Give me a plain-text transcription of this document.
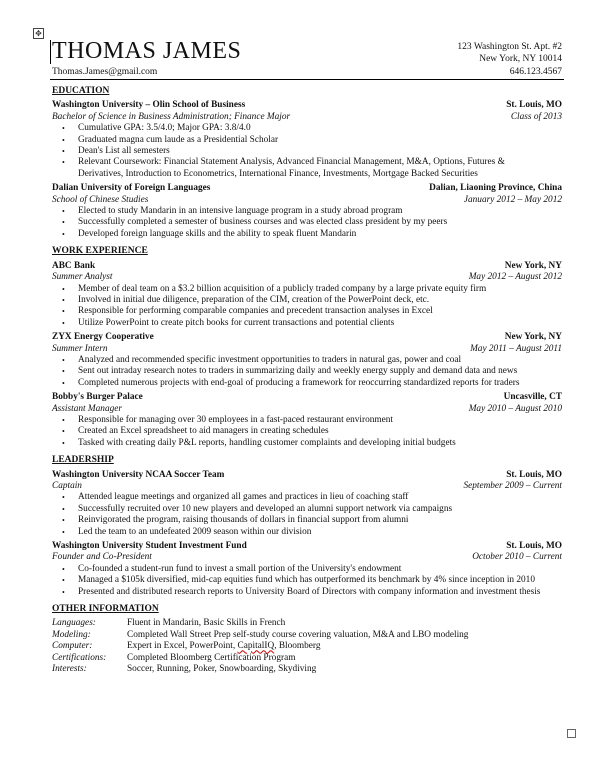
✥
THOMAS JAMES	123 Washington St. Apt. #2
New York, NY 10014
Thomas.James@gmail.com	646.123.4567
EDUCATION
Washington University – Olin School of Business	St. Louis, MO
Bachelor of Science in Business Administration; Finance Major	Class of 2013
• Cumulative GPA: 3.5/4.0; Major GPA: 3.8/4.0
• Graduated magna cum laude as a Presidential Scholar
• Dean's List all semesters
• Relevant Coursework: Financial Statement Analysis, Advanced Financial Management, M&A, Options, Futures &
Derivatives, Introduction to Econometrics, International Finance, Investments, Mortgage Backed Securities
Dalian University of Foreign Languages	Dalian, Liaoning Province, China
School of Chinese Studies	January 2012 – May 2012
• Elected to study Mandarin in an intensive language program in a study abroad program
• Successfully completed a semester of business courses and was elected class president by my peers
• Developed foreign language skills and the ability to speak fluent Mandarin
WORK EXPERIENCE
ABC Bank	New York, NY
Summer Analyst	May 2012 – August 2012
• Member of deal team on a $3.2 billion acquisition of a publicly traded company by a large private equity firm
• Involved in initial due diligence, preparation of the CIM, creation of the PowerPoint deck, etc.
• Responsible for performing comparable companies and precedent transaction analyses in Excel
• Utilize PowerPoint to create pitch books for current transactions and potential clients
ZYX Energy Cooperative	New York, NY
Summer Intern	May 2011 – August 2011
• Analyzed and recommended specific investment opportunities to traders in natural gas, power and coal
• Sent out intraday research notes to traders in summarizing daily and weekly energy supply and demand data and news
• Completed numerous projects with end-goal of producing a framework for reoccurring standardized reports for traders
Bobby's Burger Palace	Uncasville, CT
Assistant Manager	May 2010 – August 2010
• Responsible for managing over 30 employees in a fast-paced restaurant environment
• Created an Excel spreadsheet to aid managers in creating schedules
• Tasked with creating daily P&L reports, handling customer complaints and developing initial budgets
LEADERSHIP
Washington University NCAA Soccer Team	St. Louis, MO
Captain	September 2009 – Current
• Attended league meetings and organized all games and practices in lieu of coaching staff
• Successfully recruited over 10 new players and developed an alumni support network via campaigns
• Reinvigorated the program, raising thousands of dollars in financial support from alumni
• Led the team to an undefeated 2009 season within our division
Washington University Student Investment Fund	St. Louis, MO
Founder and Co-President	October 2010 – Current
• Co-founded a student-run fund to invest a small portion of the University's endowment
• Managed a $105k diversified, mid-cap equities fund which has outperformed its benchmark by 4% since inception in 2010
• Presented and distributed research reports to University Board of Directors with company information and investment thesis
OTHER INFORMATION
Languages:	Fluent in Mandarin, Basic Skills in French
Modeling:	Completed Wall Street Prep self-study course covering valuation, M&A and LBO modeling
Computer:	Expert in Excel, PowerPoint, CapitalIQ, Bloomberg
Certifications:	Completed Bloomberg Certification Program
Interests:	Soccer, Running, Poker, Snowboarding, Skydiving
